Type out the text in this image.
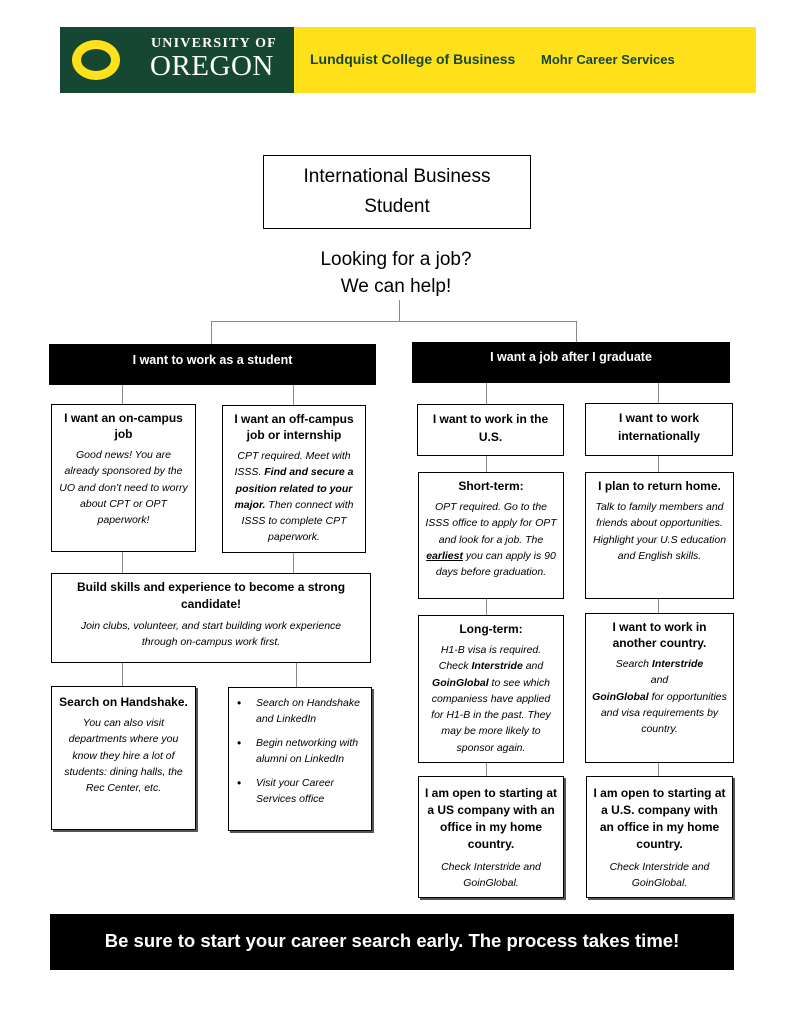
UNIVERSITY OF
OREGON	Lundquist College of Business Mohr Career Services
International Business
Student
Looking for a job?
We can help!
I want to work as a student	I want a job after I graduate
I want an on-campus job
Good news! You are already sponsored by the UO and don’t need to worry about CPT or OPT paperwork!
I want an off-campus job or internship
CPT required. Meet with ISSS. Find and secure a position related to your major. Then connect with ISSS to complete CPT paperwork.
Build skills and experience to become a strong candidate!
Join clubs, volunteer, and start building work experience through on-campus work first.
Search on Handshake.
You can also visit departments where you know they hire a lot of students: dining halls, the Rec Center, etc.
• Search on Handshake and LinkedIn
• Begin networking with alumni on LinkedIn
• Visit your Career Services office
I want to work in the U.S.
I want to work internationally
Short-term:
OPT required. Go to the ISSS office to apply for OPT and look for a job. The earliest you can apply is 90 days before graduation.
I plan to return home.
Talk to family members and friends about opportunities. Highlight your U.S education and English skills.
Long-term:
H1-B visa is required. Check Interstride and GoinGlobal to see which companiess have applied for H1-B in the past. They may be more likely to sponsor again.
I want to work in another country.
Search Interstride
and
GoinGlobal for opportunities and visa requirements by country.
I am open to starting at a US company with an office in my home country.
Check Interstride and GoinGlobal.
I am open to starting at a U.S. company with an office in my home country.
Check Interstride and GoinGlobal.
Be sure to start your career search early. The process takes time!
